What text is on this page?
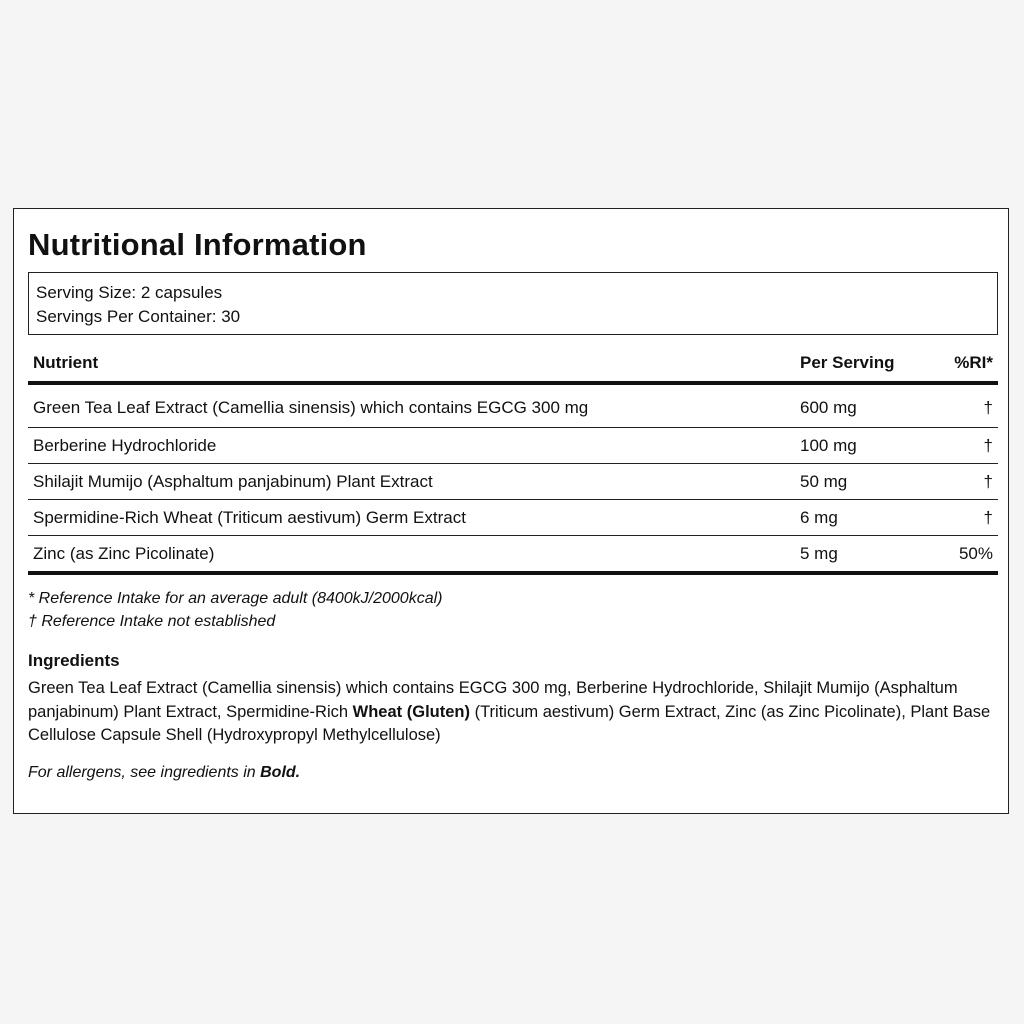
Nutritional Information
Serving Size: 2 capsules
Servings Per Container: 30
Nutrient	Per Serving	%RI*
Green Tea Leaf Extract (Camellia sinensis) which contains EGCG 300 mg	600 mg	†
Berberine Hydrochloride	100 mg	†
Shilajit Mumijo (Asphaltum panjabinum) Plant Extract	50 mg	†
Spermidine-Rich Wheat (Triticum aestivum) Germ Extract	6 mg	†
Zinc (as Zinc Picolinate)	5 mg	50%
* Reference Intake for an average adult (8400kJ/2000kcal)
† Reference Intake not established
Ingredients
Green Tea Leaf Extract (Camellia sinensis) which contains EGCG 300 mg, Berberine Hydrochloride, Shilajit Mumijo (Asphaltum panjabinum) Plant Extract, Spermidine-Rich Wheat (Gluten) (Triticum aestivum) Germ Extract, Zinc (as Zinc Picolinate), Plant Base Cellulose Capsule Shell (Hydroxypropyl Methylcellulose)
For allergens, see ingredients in Bold.
